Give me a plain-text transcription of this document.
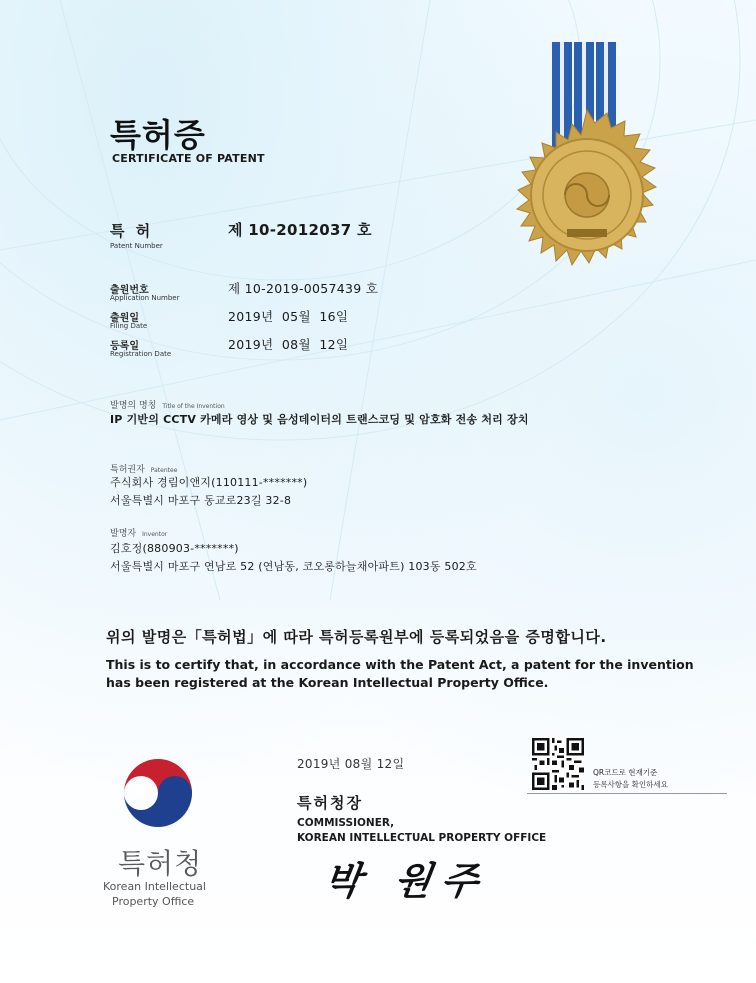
특허증
CERTIFICATE OF PATENT
특 허
Patent Number
제 10-2012037 호
출원번호
Application Number
제 10-2019-0057439 호
출원일
Filing Date
2019년  05월  16일
등록일
Registration Date
2019년  08월  12일
발명의 명칭 Title of the Invention
IP 기반의 CCTV 카메라 영상 및 음성데이터의 트랜스코딩 및 암호화 전송 처리 장치
특허권자 Patentee
주식회사 경림이앤지(110111-*******)
서울특별시 마포구 동교로23길 32-8
발명자 Inventor
김호정(880903-*******)
서울특별시 마포구 연남로 52 (연남동, 코오롱하늘채아파트) 103동 502호
위의 발명은「특허법」에 따라 특허등록원부에 등록되었음을 증명합니다.
This is to certify that, in accordance with the Patent Act, a patent for the invention
has been registered at the Korean Intellectual Property Office.
2019년 08월 12일
QR코드로 현재기준
등록사항을 확인하세요
특허청장
COMMISSIONER,
KOREAN INTELLECTUAL PROPERTY OFFICE
박 원주
특허청
Korean Intellectual
Property Office
